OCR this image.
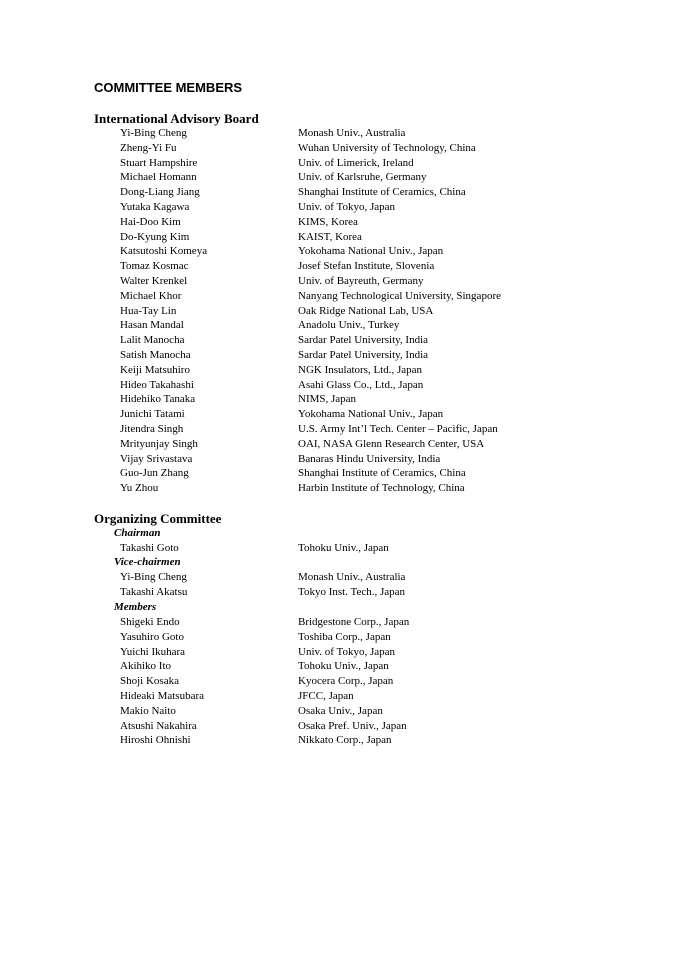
COMMITTEE MEMBERS
International Advisory Board
Yi-Bing Cheng	Monash Univ., Australia
Zheng-Yi Fu	Wuhan University of Technology, China
Stuart Hampshire	Univ. of Limerick, Ireland
Michael Homann	Univ. of Karlsruhe, Germany
Dong-Liang Jiang	Shanghai Institute of Ceramics, China
Yutaka Kagawa	Univ. of Tokyo, Japan
Hai-Doo Kim	KIMS, Korea
Do-Kyung Kim	KAIST, Korea
Katsutoshi Komeya	Yokohama National Univ., Japan
Tomaz Kosmac	Josef Stefan Institute, Slovenia
Walter Krenkel	Univ. of Bayreuth, Germany
Michael Khor	Nanyang Technological University, Singapore
Hua-Tay Lin	Oak Ridge National Lab, USA
Hasan Mandal	Anadolu Univ., Turkey
Lalit Manocha	Sardar Patel University, India
Satish Manocha	Sardar Patel University, India
Keiji Matsuhiro	NGK Insulators, Ltd., Japan
Hideo Takahashi	Asahi Glass Co., Ltd., Japan
Hidehiko Tanaka	NIMS, Japan
Junichi Tatami	Yokohama National Univ., Japan
Jitendra Singh	U.S. Army Int’l Tech. Center – Pacific, Japan
Mrityunjay Singh	OAI, NASA Glenn Research Center, USA
Vijay Srivastava	Banaras Hindu University, India
Guo-Jun Zhang	Shanghai Institute of Ceramics, China
Yu Zhou	Harbin Institute of Technology, China
Organizing Committee
Chairman
Takashi Goto	Tohoku Univ., Japan
Vice-chairmen
Yi-Bing Cheng	Monash Univ., Australia
Takashi Akatsu	Tokyo Inst. Tech., Japan
Members
Shigeki Endo	Bridgestone Corp., Japan
Yasuhiro Goto	Toshiba Corp., Japan
Yuichi Ikuhara	Univ. of Tokyo, Japan
Akihiko Ito	Tohoku Univ., Japan
Shoji Kosaka	Kyocera Corp., Japan
Hideaki Matsubara	JFCC, Japan
Makio Naito	Osaka Univ., Japan
Atsushi Nakahira	Osaka Pref. Univ., Japan
Hiroshi Ohnishi	Nikkato Corp., Japan
